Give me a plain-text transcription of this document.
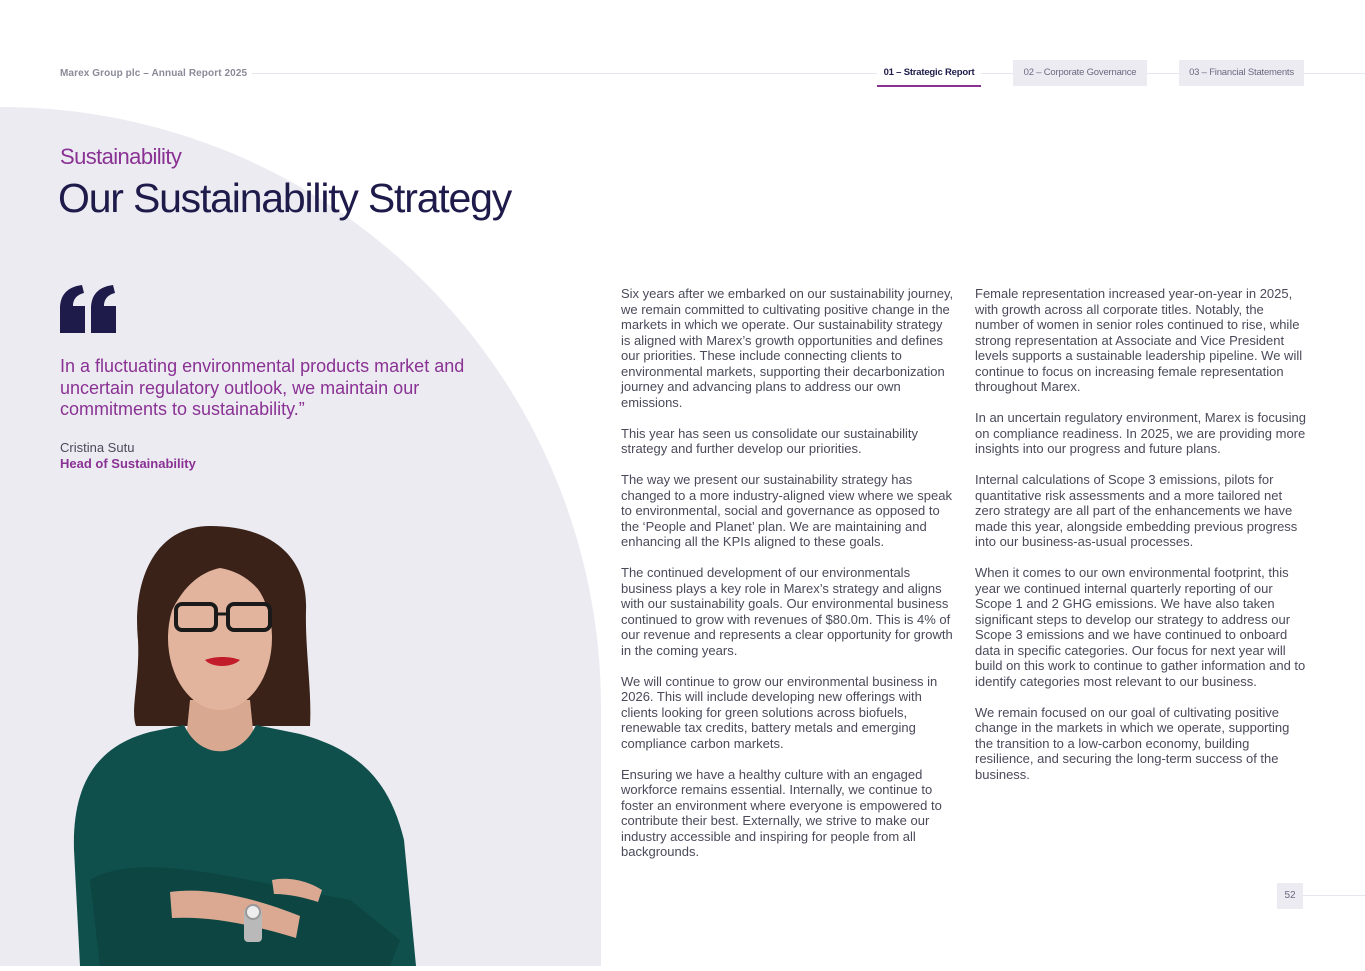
Marex Group plc – Annual Report 2025	01 – Strategic Report	02 – Corporate Governance	03 – Financial Statements
Sustainability
Our Sustainability Strategy
In a fluctuating environmental products market and uncertain regulatory outlook, we maintain our commitments to sustainability.”
Cristina Sutu
Head of Sustainability

Six years after we embarked on our sustainability journey, we remain committed to cultivating positive change in the markets in which we operate. Our sustainability strategy is aligned with Marex’s growth opportunities and defines our priorities. These include connecting clients to environmental markets, supporting their decarbonization journey and advancing plans to address our own emissions.

This year has seen us consolidate our sustainability strategy and further develop our priorities.

The way we present our sustainability strategy has changed to a more industry-aligned view where we speak to environmental, social and governance as opposed to the ‘People and Planet’ plan. We are maintaining and enhancing all the KPIs aligned to these goals.

The continued development of our environmentals business plays a key role in Marex’s strategy and aligns with our sustainability goals. Our environmental business continued to grow with revenues of $80.0m. This is 4% of our revenue and represents a clear opportunity for growth in the coming years.

We will continue to grow our environmental business in 2026. This will include developing new offerings with clients looking for green solutions across biofuels, renewable tax credits, battery metals and emerging compliance carbon markets.

Ensuring we have a healthy culture with an engaged workforce remains essential. Internally, we continue to foster an environment where everyone is empowered to contribute their best. Externally, we strive to make our industry accessible and inspiring for people from all backgrounds.

Female representation increased year-on-year in 2025, with growth across all corporate titles. Notably, the number of women in senior roles continued to rise, while strong representation at Associate and Vice President levels supports a sustainable leadership pipeline. We will continue to focus on increasing female representation throughout Marex.

In an uncertain regulatory environment, Marex is focusing on compliance readiness. In 2025, we are providing more insights into our progress and future plans.

Internal calculations of Scope 3 emissions, pilots for quantitative risk assessments and a more tailored net zero strategy are all part of the enhancements we have made this year, alongside embedding previous progress into our business-as-usual processes.

When it comes to our own environmental footprint, this year we continued internal quarterly reporting of our Scope 1 and 2 GHG emissions. We have also taken significant steps to develop our strategy to address our Scope 3 emissions and we have continued to onboard data in specific categories. Our focus for next year will build on this work to continue to gather information and to identify categories most relevant to our business.

We remain focused on our goal of cultivating positive change in the markets in which we operate, supporting the transition to a low-carbon economy, building resilience, and securing the long-term success of the business.

52
